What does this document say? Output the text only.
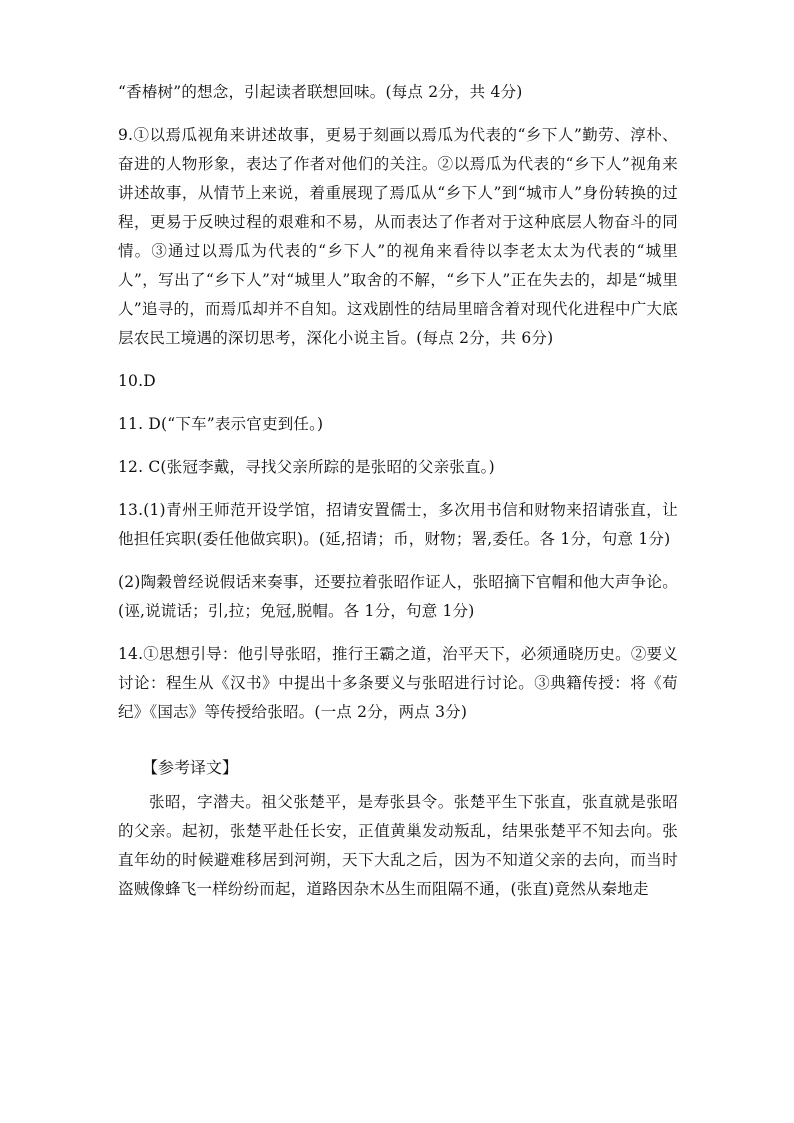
“香椿树”的想念，引起读者联想回味。(每点 2分，共 4分)

9.①以焉瓜视角来讲述故事，更易于刻画以焉瓜为代表的“乡下人”勤劳、淳朴、奋进的人物形象，表达了作者对他们的关注。②以焉瓜为代表的“乡下人”视角来讲述故事，从情节上来说，着重展现了焉瓜从“乡下人”到“城市人”身份转换的过程，更易于反映过程的艰难和不易，从而表达了作者对于这种底层人物奋斗的同情。③通过以焉瓜为代表的“乡下人”的视角来看待以李老太太为代表的“城里人”，写出了“乡下人”对“城里人”取舍的不解，“乡下人”正在失去的，却是“城里人”追寻的，而焉瓜却并不自知。这戏剧性的结局里暗含着对现代化进程中广大底层农民工境遇的深切思考，深化小说主旨。(每点 2分，共 6分)

10.D

11. D(“下车”表示官吏到任。)

12. C(张冠李戴，寻找父亲所踪的是张昭的父亲张直。)

13.(1)青州王师范开设学馆，招请安置儒士，多次用书信和财物来招请张直，让他担任宾职(委任他做宾职)。(延,招请；币，财物；署,委任。各 1分，句意 1分)

(2)陶穀曾经说假话来奏事，还要拉着张昭作证人，张昭摘下官帽和他大声争论。(诬,说谎话；引,拉；免冠,脱帽。各 1分，句意 1分)

14.①思想引导：他引导张昭，推行王霸之道，治平天下，必须通晓历史。②要义讨论：程生从《汉书》中提出十多条要义与张昭进行讨论。③典籍传授：将《荀纪》《国志》等传授给张昭。(一点 2分，两点 3分)

【参考译文】

张昭，字潜夫。祖父张楚平，是寿张县令。张楚平生下张直，张直就是张昭的父亲。起初，张楚平赴任长安，正值黄巢发动叛乱，结果张楚平不知去向。张直年幼的时候避难移居到河朔，天下大乱之后，因为不知道父亲的去向，而当时盗贼像蜂飞一样纷纷而起，道路因杂木丛生而阻隔不通，(张直)竟然从秦地走
